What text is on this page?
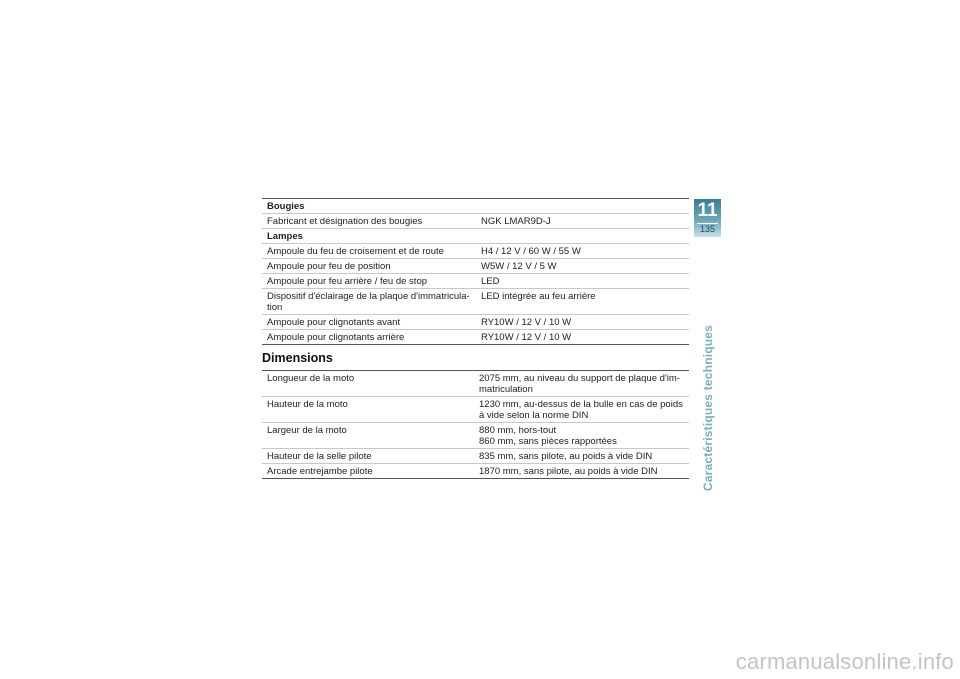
Bougies	
Fabricant et désignation des bougies	NGK LMAR9D-J
Lampes	
Ampoule du feu de croisement et de route	H4 / 12 V / 60 W / 55 W
Ampoule pour feu de position	W5W / 12 V / 5 W
Ampoule pour feu arrière / feu de stop	LED
Dispositif d'éclairage de la plaque d'immatricula-
tion	LED intégrée au feu arrière
Ampoule pour clignotants avant	RY10W / 12 V / 10 W
Ampoule pour clignotants arrière	RY10W / 12 V / 10 W
Dimensions
Longueur de la moto	2075 mm, au niveau du support de plaque d'im-
matriculation
Hauteur de la moto	1230 mm, au-dessus de la bulle en cas de poids
à vide selon la norme DIN
Largeur de la moto	880 mm, hors-tout
860 mm, sans pièces rapportées
Hauteur de la selle pilote	835 mm, sans pilote, au poids à vide DIN
Arcade entrejambe pilote	1870 mm, sans pilote, au poids à vide DIN
11
135
Caractéristiques techniques
carmanualsonline.info
